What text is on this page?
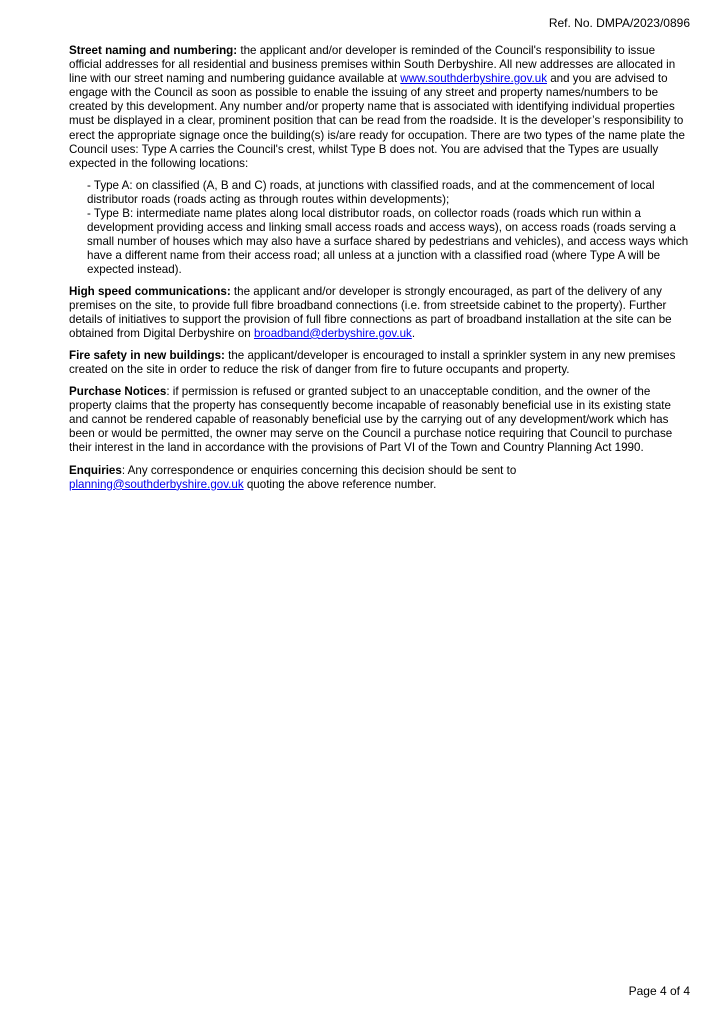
Ref. No. DMPA/2023/0896

Street naming and numbering: the applicant and/or developer is reminded of the Council's responsibility to issue official addresses for all residential and business premises within South Derbyshire. All new addresses are allocated in line with our street naming and numbering guidance available at www.southderbyshire.gov.uk and you are advised to engage with the Council as soon as possible to enable the issuing of any street and property names/numbers to be created by this development. Any number and/or property name that is associated with identifying individual properties must be displayed in a clear, prominent position that can be read from the roadside. It is the developer’s responsibility to erect the appropriate signage once the building(s) is/are ready for occupation. There are two types of the name plate the Council uses: Type A carries the Council's crest, whilst Type B does not. You are advised that the Types are usually expected in the following locations:

- Type A: on classified (A, B and C) roads, at junctions with classified roads, and at the commencement of local distributor roads (roads acting as through routes within developments);

- Type B: intermediate name plates along local distributor roads, on collector roads (roads which run within a development providing access and linking small access roads and access ways), on access roads (roads serving a small number of houses which may also have a surface shared by pedestrians and vehicles), and access ways which have a different name from their access road; all unless at a junction with a classified road (where Type A will be expected instead).

High speed communications: the applicant and/or developer is strongly encouraged, as part of the delivery of any premises on the site, to provide full fibre broadband connections (i.e. from streetside cabinet to the property). Further details of initiatives to support the provision of full fibre connections as part of broadband installation at the site can be obtained from Digital Derbyshire on broadband@derbyshire.gov.uk.

Fire safety in new buildings: the applicant/developer is encouraged to install a sprinkler system in any new premises created on the site in order to reduce the risk of danger from fire to future occupants and property.

Purchase Notices: if permission is refused or granted subject to an unacceptable condition, and the owner of the property claims that the property has consequently become incapable of reasonably beneficial use in its existing state and cannot be rendered capable of reasonably beneficial use by the carrying out of any development/work which has been or would be permitted, the owner may serve on the Council a purchase notice requiring that Council to purchase their interest in the land in accordance with the provisions of Part VI of the Town and Country Planning Act 1990.

Enquiries: Any correspondence or enquiries concerning this decision should be sent to planning@southderbyshire.gov.uk quoting the above reference number.

Page 4 of 4
